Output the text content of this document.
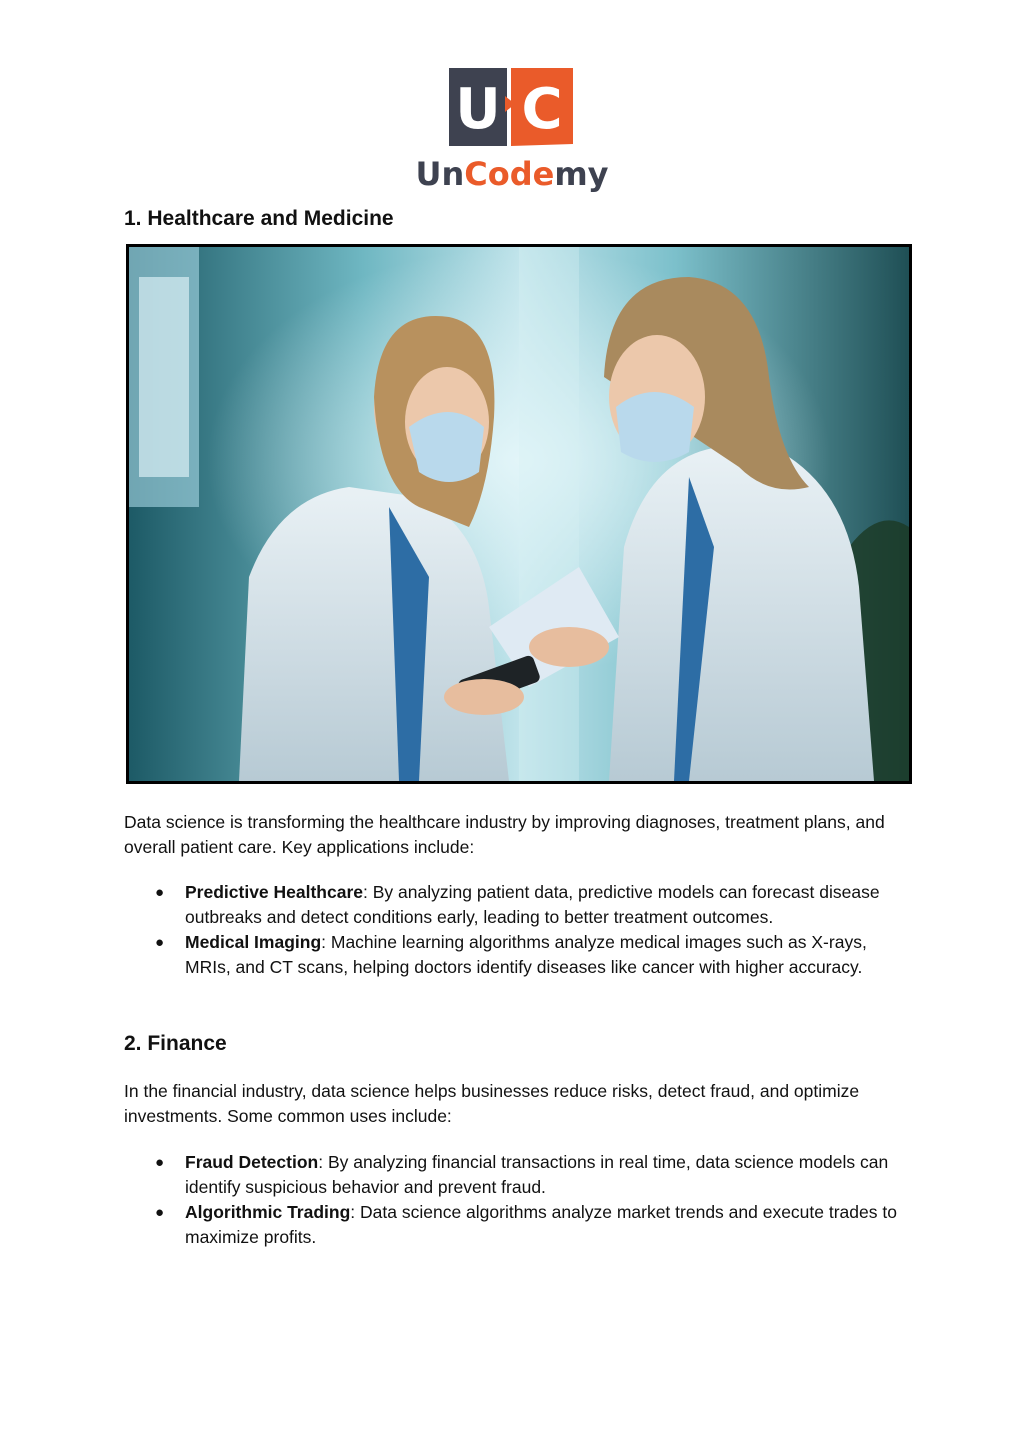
U C
UnCodemy
1. Healthcare and Medicine

Data science is transforming the healthcare industry by improving diagnoses, treatment plans, and overall patient care. Key applications include:

● Predictive Healthcare: By analyzing patient data, predictive models can forecast disease outbreaks and detect conditions early, leading to better treatment outcomes.
● Medical Imaging: Machine learning algorithms analyze medical images such as X-rays, MRIs, and CT scans, helping doctors identify diseases like cancer with higher accuracy.
2. Finance

In the financial industry, data science helps businesses reduce risks, detect fraud, and optimize investments. Some common uses include:

● Fraud Detection: By analyzing financial transactions in real time, data science models can identify suspicious behavior and prevent fraud.
● Algorithmic Trading: Data science algorithms analyze market trends and execute trades to maximize profits.
